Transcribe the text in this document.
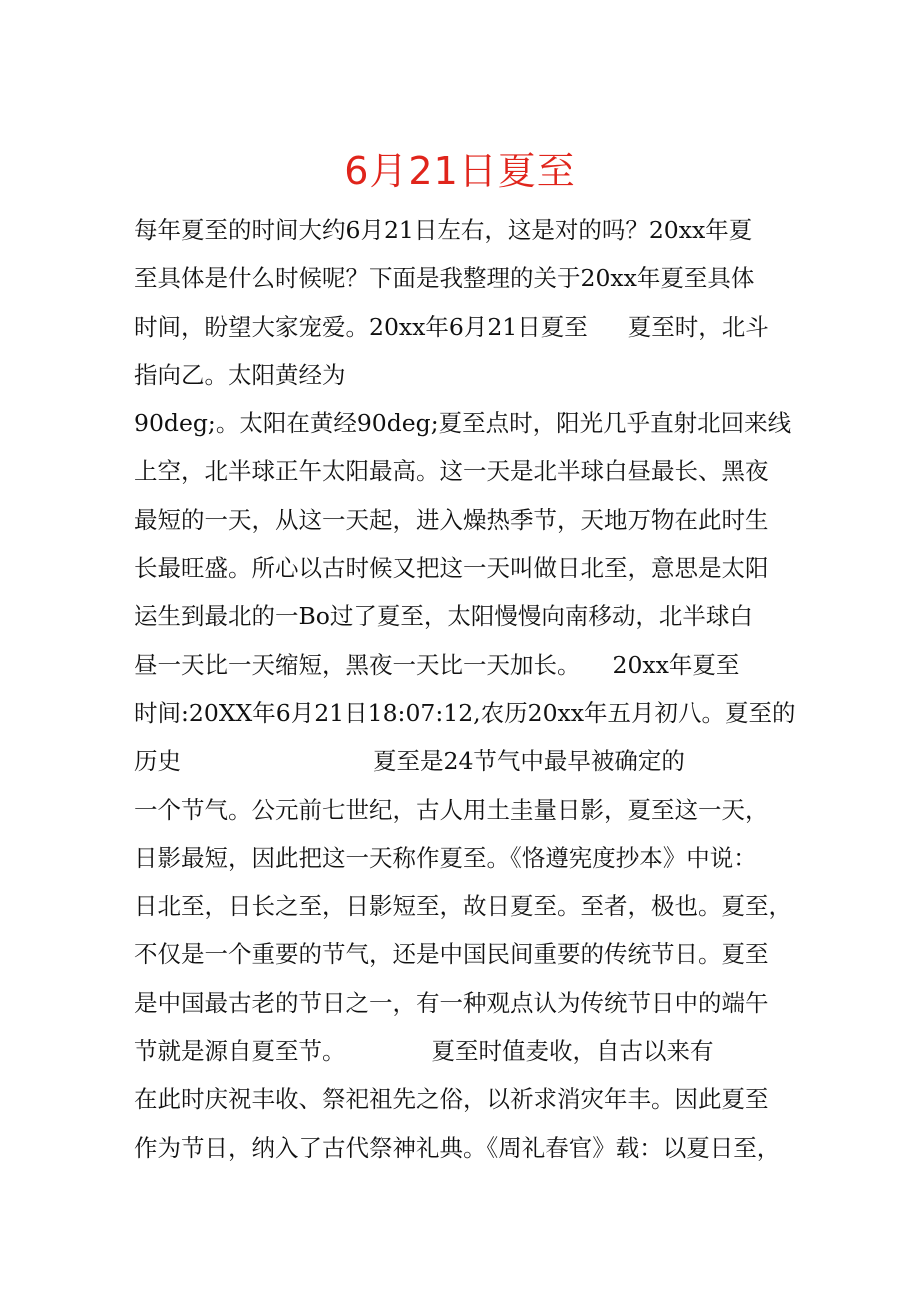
6月21日夏至
每年夏至的时间大约6月21日左右，这是对的吗？20xx年夏
至具体是什么时候呢？下面是我整理的关于20xx年夏至具体
时间，盼望大家宠爱。20xx年6月21日夏至 夏至时，北斗
指向乙。太阳黄经为
90deg;。太阳在黄经90deg;夏至点时，阳光几乎直射北回来线
上空，北半球正午太阳最高。这一天是北半球白昼最长、黑夜
最短的一天，从这一天起，进入燥热季节，天地万物在此时生
长最旺盛。所心以古时候又把这一天叫做日北至，意思是太阳
运生到最北的一Bo过了夏至，太阳慢慢向南移动，北半球白
昼一天比一天缩短，黑夜一天比一天加长。 20xx年夏至
时间:20XX年6月21日18:07:12,农历20xx年五月初八。夏至的
历史	夏至是24节气中最早被确定的
一个节气。公元前七世纪，古人用土圭量日影，夏至这一天，
日影最短，因此把这一天称作夏至。《恪遵宪度抄本》中说：
日北至，日长之至，日影短至，故日夏至。至者，极也。夏至，
不仅是一个重要的节气，还是中国民间重要的传统节日。夏至
是中国最古老的节日之一，有一种观点认为传统节日中的端午
节就是源自夏至节。	夏至时值麦收，自古以来有
在此时庆祝丰收、祭祀祖先之俗，以祈求消灾年丰。因此夏至
作为节日，纳入了古代祭神礼典。《周礼春官》载：以夏日至，
